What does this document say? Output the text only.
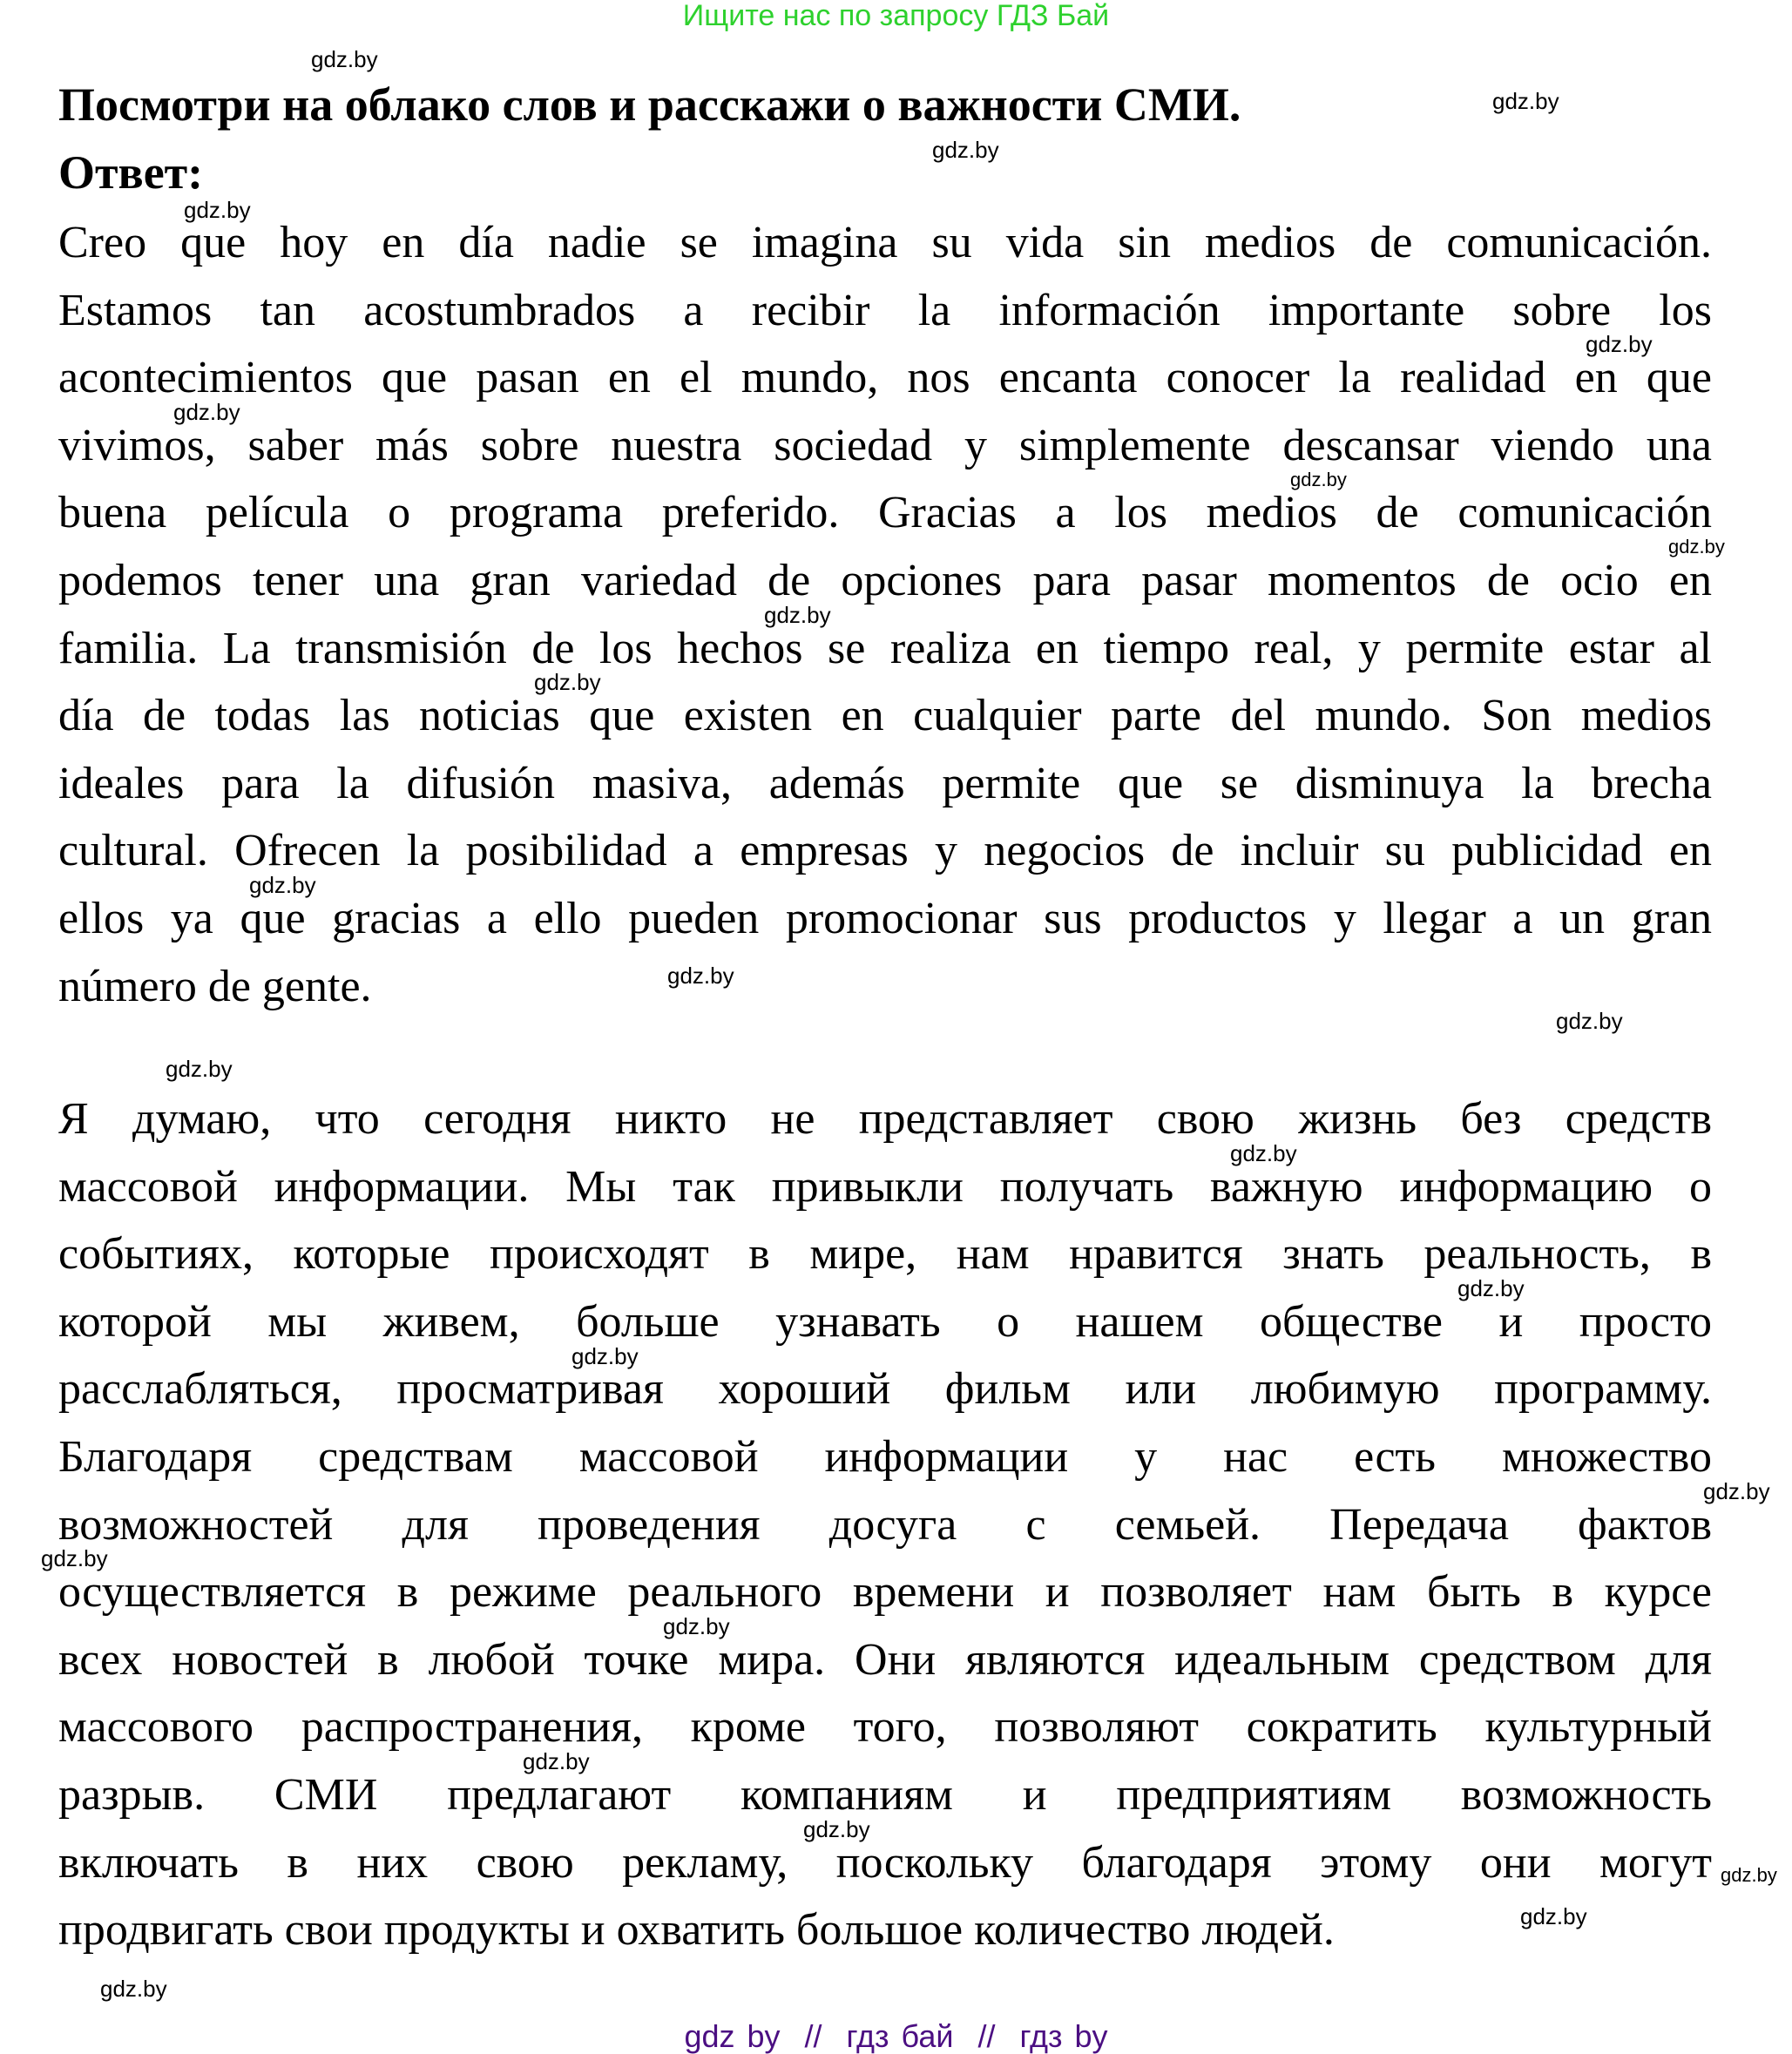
Ищите нас по запросу ГДЗ Бай
Посмотри на облако слов и расскажи о важности СМИ.
Ответ:
Creo que hoy en día nadie se imagina su vida sin medios de comunicación.
Estamos tan acostumbrados a recibir la información importante sobre los
acontecimientos que pasan en el mundo, nos encanta conocer la realidad en que
vivimos, saber más sobre nuestra sociedad y simplemente descansar viendo una
buena película o programa preferido. Gracias a los medios de comunicación
podemos tener una gran variedad de opciones para pasar momentos de ocio en
familia. La transmisión de los hechos se realiza en tiempo real, y permite estar al
día de todas las noticias que existen en cualquier parte del mundo. Son medios
ideales para la difusión masiva, además permite que se disminuya la brecha
cultural. Ofrecen la posibilidad a empresas y negocios de incluir su publicidad en
ellos ya que gracias a ello pueden promocionar sus productos y llegar a un gran
número de gente.
Я думаю, что сегодня никто не представляет свою жизнь без средств
массовой информации. Мы так привыкли получать важную информацию о
событиях, которые происходят в мире, нам нравится знать реальность, в
которой мы живем, больше узнавать о нашем обществе и просто
расслабляться, просматривая хороший фильм или любимую программу.
Благодаря средствам массовой информации у нас есть множество
возможностей для проведения досуга с семьей. Передача фактов
осуществляется в режиме реального времени и позволяет нам быть в курсе
всех новостей в любой точке мира. Они являются идеальным средством для
массового распространения, кроме того, позволяют сократить культурный
разрыв. СМИ предлагают компаниям и предприятиям возможность
включать в них свою рекламу, поскольку благодаря этому они могут
продвигать свои продукты и охватить большое количество людей.
gdz.by
gdz.by
gdz.by
gdz.by
gdz.by
gdz.by
gdz.by
gdz.by
gdz.by
gdz.by
gdz.by
gdz.by
gdz.by
gdz.by
gdz.by
gdz.by
gdz.by
gdz.by
gdz.by
gdz.by
gdz.by
gdz.by
gdz.by
gdz.by
gdz.by
gdz by  //  гдз бай  //  гдз by
